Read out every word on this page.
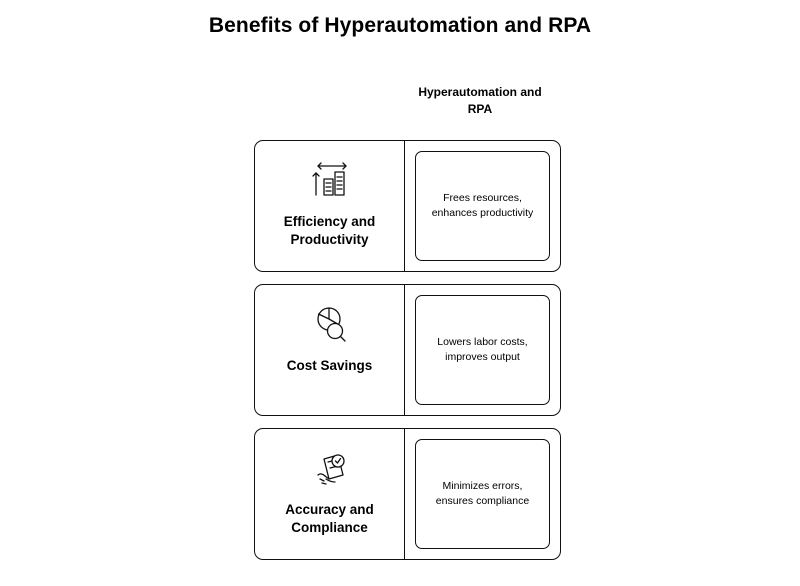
Benefits of Hyperautomation and RPA
Hyperautomation and RPA
Efficiency and Productivity
Frees resources, enhances productivity
Cost Savings
Lowers labor costs, improves output
Accuracy and Compliance
Minimizes errors, ensures compliance
